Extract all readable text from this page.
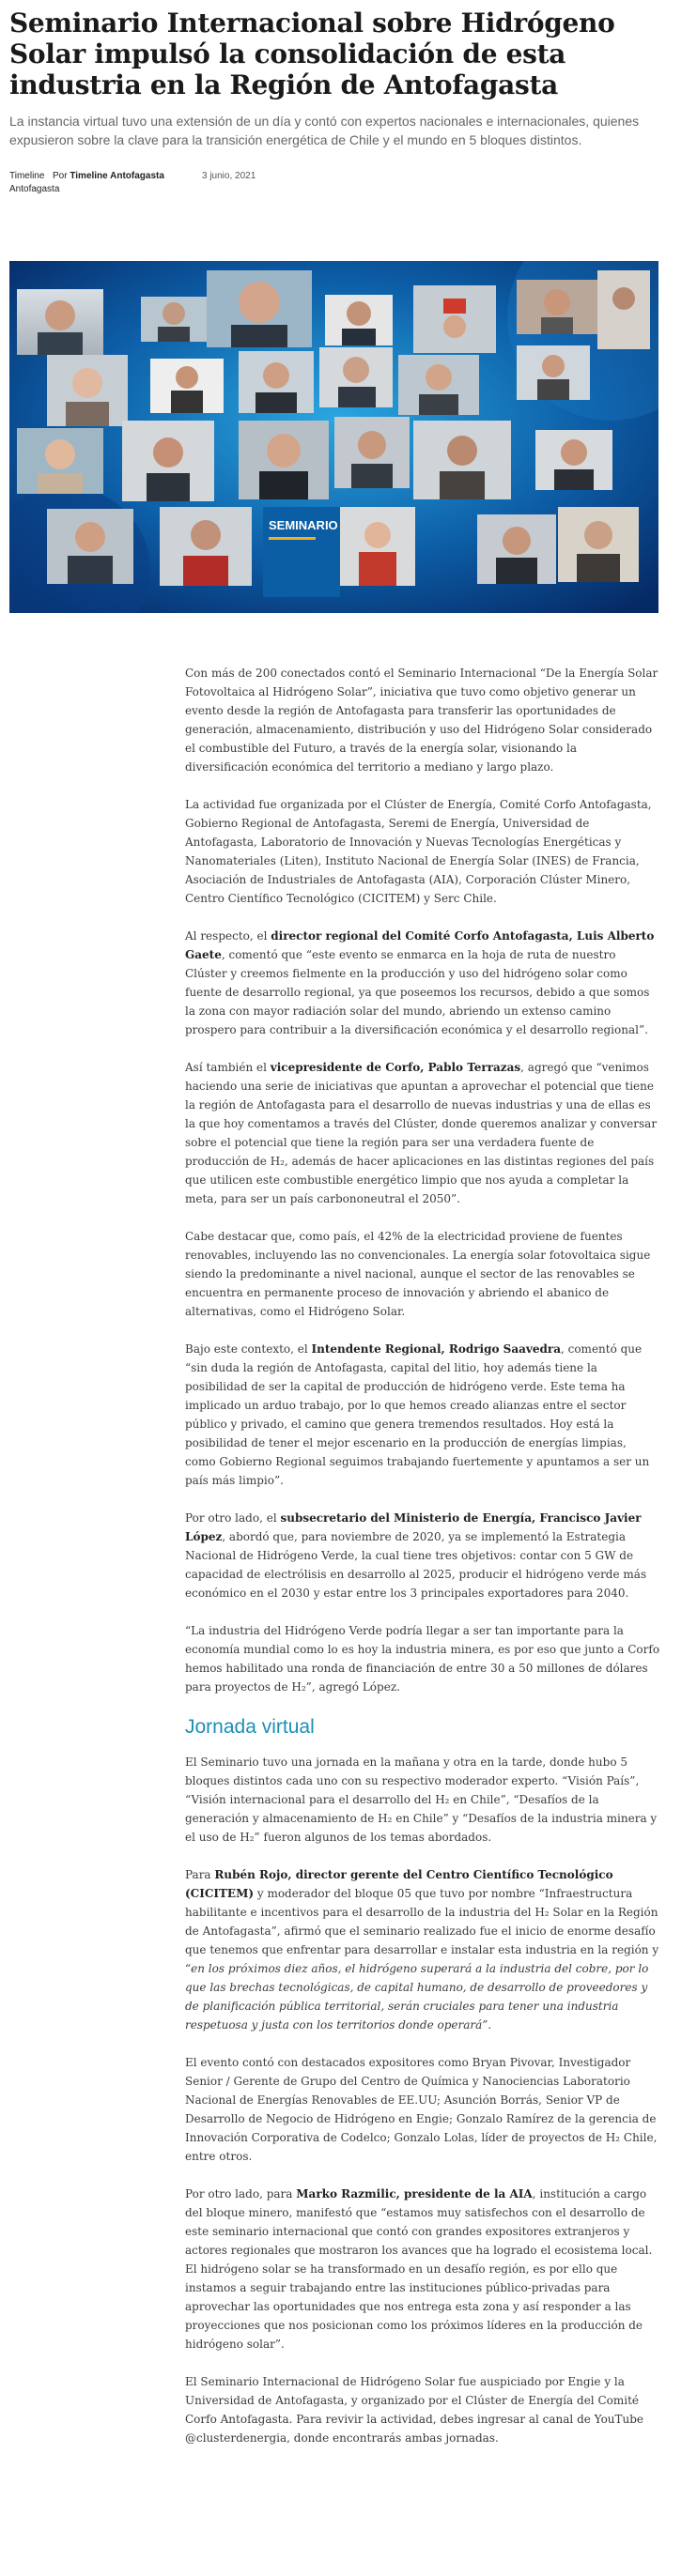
Seminario Internacional sobre Hidrógeno Solar impulsó la consolidación de esta industria en la Región de Antofagasta

La instancia virtual tuvo una extensión de un día y contó con expertos nacionales e internacionales, quienes expusieron sobre la clave para la transición energética de Chile y el mundo en 5 bloques distintos.

Timeline Antofagasta
Por Timeline Antofagasta	3 junio, 2021
SEMINARIO

Con más de 200 conectados contó el Seminario Internacional “De la Energía Solar Fotovoltaica al Hidrógeno Solar”, iniciativa que tuvo como objetivo generar un evento desde la región de Antofagasta para transferir las oportunidades de generación, almacenamiento, distribución y uso del Hidrógeno Solar considerado el combustible del Futuro, a través de la energía solar, visionando la diversificación económica del territorio a mediano y largo plazo.

La actividad fue organizada por el Clúster de Energía, Comité Corfo Antofagasta, Gobierno Regional de Antofagasta, Seremi de Energía, Universidad de Antofagasta, Laboratorio de Innovación y Nuevas Tecnologías Energéticas y Nanomateriales (Liten), Instituto Nacional de Energía Solar (INES) de Francia, Asociación de Industriales de Antofagasta (AIA), Corporación Clúster Minero, Centro Científico Tecnológico (CICITEM) y Serc Chile.

Al respecto, el director regional del Comité Corfo Antofagasta, Luis Alberto Gaete, comentó que “este evento se enmarca en la hoja de ruta de nuestro Clúster y creemos fielmente en la producción y uso del hidrógeno solar como fuente de desarrollo regional, ya que poseemos los recursos, debido a que somos la zona con mayor radiación solar del mundo, abriendo un extenso camino prospero para contribuir a la diversificación económica y el desarrollo regional”.

Así también el vicepresidente de Corfo, Pablo Terrazas, agregó que “venimos haciendo una serie de iniciativas que apuntan a aprovechar el potencial que tiene la región de Antofagasta para el desarrollo de nuevas industrias y una de ellas es la que hoy comentamos a través del Clúster, donde queremos analizar y conversar sobre el potencial que tiene la región para ser una verdadera fuente de producción de H₂, además de hacer aplicaciones en las distintas regiones del país que utilicen este combustible energético limpio que nos ayuda a completar la meta, para ser un país carbononeutral el 2050”.

Cabe destacar que, como país, el 42% de la electricidad proviene de fuentes renovables, incluyendo las no convencionales. La energía solar fotovoltaica sigue siendo la predominante a nivel nacional, aunque el sector de las renovables se encuentra en permanente proceso de innovación y abriendo el abanico de alternativas, como el Hidrógeno Solar.

Bajo este contexto, el Intendente Regional, Rodrigo Saavedra, comentó que “sin duda la región de Antofagasta, capital del litio, hoy además tiene la posibilidad de ser la capital de producción de hidrógeno verde. Este tema ha implicado un arduo trabajo, por lo que hemos creado alianzas entre el sector público y privado, el camino que genera tremendos resultados. Hoy está la posibilidad de tener el mejor escenario en la producción de energías limpias, como Gobierno Regional seguimos trabajando fuertemente y apuntamos a ser un país más limpio”.

Por otro lado, el subsecretario del Ministerio de Energía, Francisco Javier López, abordó que, para noviembre de 2020, ya se implementó la Estrategia Nacional de Hidrógeno Verde, la cual tiene tres objetivos: contar con 5 GW de capacidad de electrólisis en desarrollo al 2025, producir el hidrógeno verde más económico en el 2030 y estar entre los 3 principales exportadores para 2040.

“La industria del Hidrógeno Verde podría llegar a ser tan importante para la economía mundial como lo es hoy la industria minera, es por eso que junto a Corfo hemos habilitado una ronda de financiación de entre 30 a 50 millones de dólares para proyectos de H₂”, agregó López.

Jornada virtual

El Seminario tuvo una jornada en la mañana y otra en la tarde, donde hubo 5 bloques distintos cada uno con su respectivo moderador experto. “Visión País”, “Visión internacional para el desarrollo del H₂ en Chile”, “Desafíos de la generación y almacenamiento de H₂ en Chile” y “Desafíos de la industria minera y el uso de H₂” fueron algunos de los temas abordados.

Para Rubén Rojo, director gerente del Centro Científico Tecnológico (CICITEM) y moderador del bloque 05 que tuvo por nombre “Infraestructura habilitante e incentivos para el desarrollo de la industria del H₂ Solar en la Región de Antofagasta”, afirmó que el seminario realizado fue el inicio de enorme desafío que tenemos que enfrentar para desarrollar e instalar esta industria en la región y “en los próximos diez años, el hidrógeno superará a la industria del cobre, por lo que las brechas tecnológicas, de capital humano, de desarrollo de proveedores y de planificación pública territorial, serán cruciales para tener una industria respetuosa y justa con los territorios donde operará”.

El evento contó con destacados expositores como Bryan Pivovar, Investigador Senior / Gerente de Grupo del Centro de Química y Nanociencias Laboratorio Nacional de Energías Renovables de EE.UU; Asunción Borrás, Senior VP de Desarrollo de Negocio de Hidrógeno en Engie; Gonzalo Ramírez de la gerencia de Innovación Corporativa de Codelco; Gonzalo Lolas, líder de proyectos de H₂ Chile, entre otros.

Por otro lado, para Marko Razmilic, presidente de la AIA, institución a cargo del bloque minero, manifestó que “estamos muy satisfechos con el desarrollo de este seminario internacional que contó con grandes expositores extranjeros y actores regionales que mostraron los avances que ha logrado el ecosistema local. El hidrógeno solar se ha transformado en un desafío región, es por ello que instamos a seguir trabajando entre las instituciones público-privadas para aprovechar las oportunidades que nos entrega esta zona y así responder a las proyecciones que nos posicionan como los próximos líderes en la producción de hidrógeno solar”.

El Seminario Internacional de Hidrógeno Solar fue auspiciado por Engie y la Universidad de Antofagasta, y organizado por el Clúster de Energía del Comité Corfo Antofagasta. Para revivir la actividad, debes ingresar al canal de YouTube @clusterdenergia, donde encontrarás ambas jornadas.
